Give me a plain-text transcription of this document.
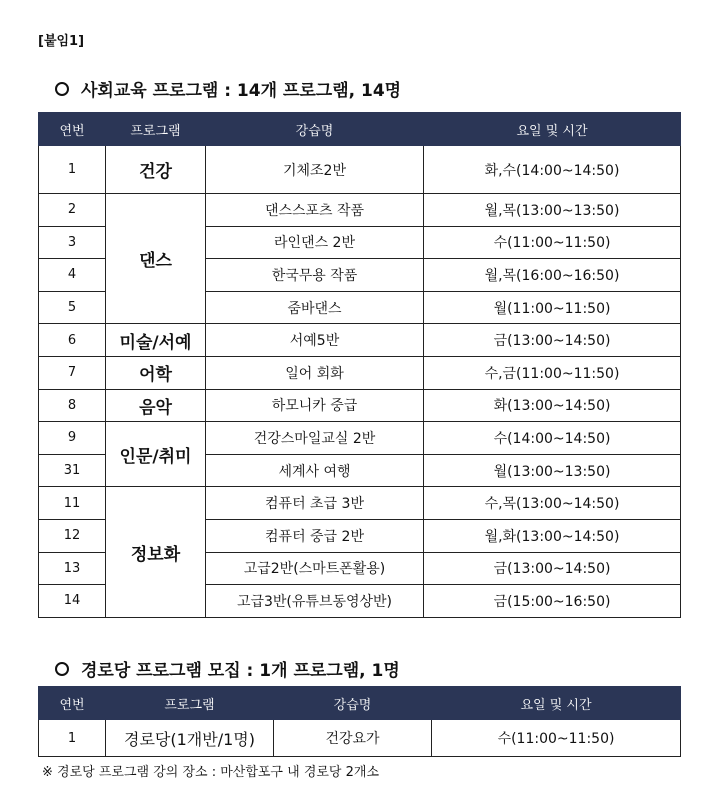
[붙임1]
사회교육 프로그램 : 14개 프로그램, 14명
연번	프로그램	강습명	요일 및 시간
1	건강	기체조2반	화,수(14:00~14:50)
2	댄스	댄스스포츠 작품	월,목(13:00~13:50)
3		라인댄스 2반	수(11:00~11:50)
4		한국무용 작품	월,목(16:00~16:50)
5		줌바댄스	월(11:00~11:50)
6	미술/서예	서예5반	금(13:00~14:50)
7	어학	일어 회화	수,금(11:00~11:50)
8	음악	하모니카 중급	화(13:00~14:50)
9	인문/취미	건강스마일교실 2반	수(14:00~14:50)
31		세계사 여행	월(13:00~13:50)
11	정보화	컴퓨터 초급 3반	수,목(13:00~14:50)
12		컴퓨터 중급 2반	월,화(13:00~14:50)
13		고급2반(스마트폰활용)	금(13:00~14:50)
14		고급3반(유튜브동영상반)	금(15:00~16:50)
경로당 프로그램 모집 : 1개 프로그램, 1명
연번	프로그램	강습명	요일 및 시간
1	경로당(1개반/1명)	건강요가	수(11:00~11:50)
※ 경로당 프로그램 강의 장소 : 마산합포구 내 경로당 2개소
